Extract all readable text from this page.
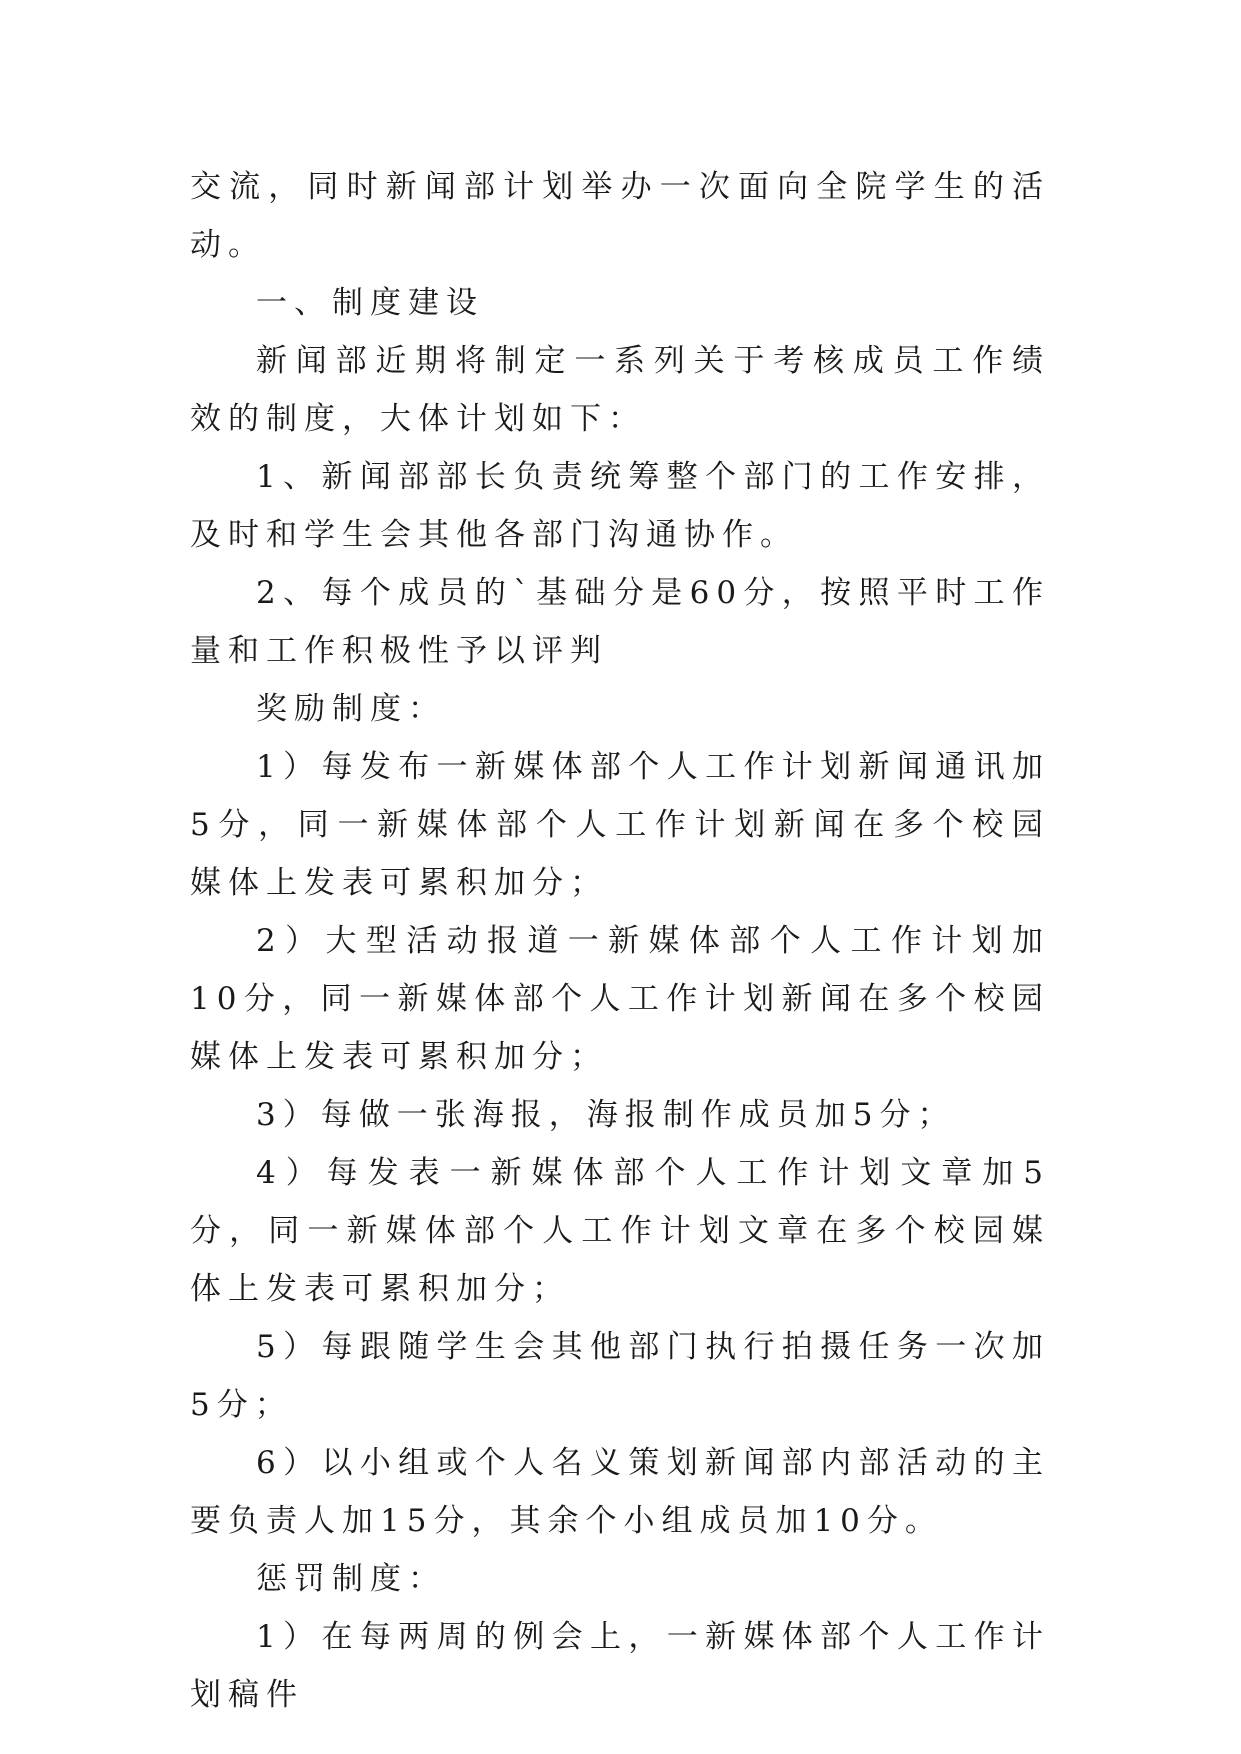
交流，同时新闻部计划举办一次面向全院学生的活动。

一、制度建设

新闻部近期将制定一系列关于考核成员工作绩效的制度，大体计划如下：

1、新闻部部长负责统筹整个部门的工作安排，及时和学生会其他各部门沟通协作。

2、每个成员的`基础分是60分，按照平时工作量和工作积极性予以评判

奖励制度：

1）每发布一新媒体部个人工作计划新闻通讯加5分，同一新媒体部个人工作计划新闻在多个校园媒体上发表可累积加分；

2）大型活动报道一新媒体部个人工作计划加10分，同一新媒体部个人工作计划新闻在多个校园媒体上发表可累积加分；

3）每做一张海报，海报制作成员加5分；

4）每发表一新媒体部个人工作计划文章加5分，同一新媒体部个人工作计划文章在多个校园媒体上发表可累积加分；

5）每跟随学生会其他部门执行拍摄任务一次加5分；

6）以小组或个人名义策划新闻部内部活动的主要负责人加15分，其余个小组成员加10分。

惩罚制度：

1）在每两周的例会上，一新媒体部个人工作计划稿件
